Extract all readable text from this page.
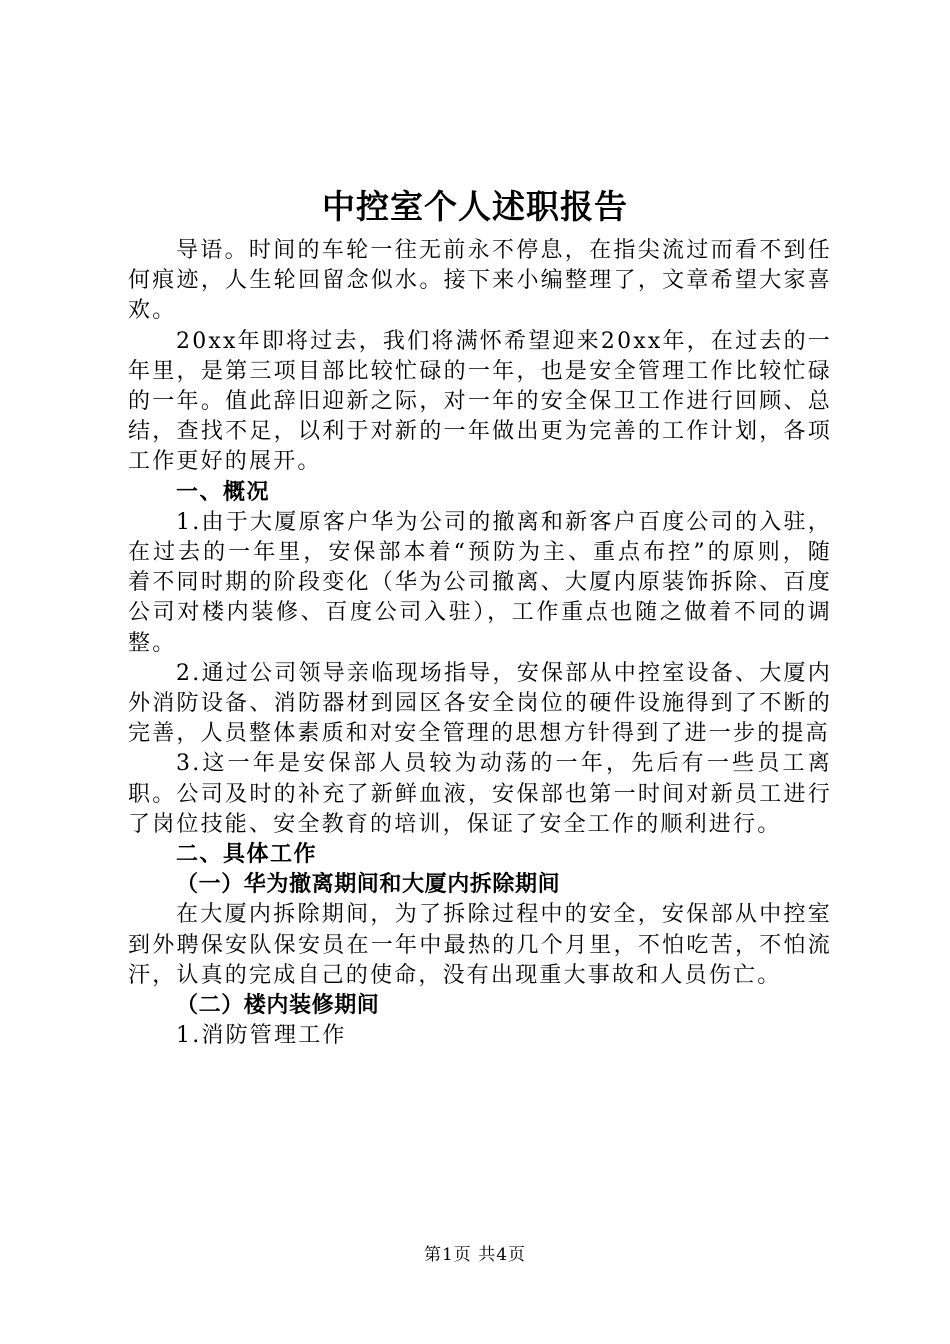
中控室个人述职报告

导语。时间的车轮一往无前永不停息，在指尖流过而看不到任何痕迹，人生轮回留念似水。接下来小编整理了，文章希望大家喜欢。

20xx年即将过去，我们将满怀希望迎来20xx年，在过去的一年里，是第三项目部比较忙碌的一年，也是安全管理工作比较忙碌的一年。值此辞旧迎新之际，对一年的安全保卫工作进行回顾、总结，查找不足，以利于对新的一年做出更为完善的工作计划，各项工作更好的展开。

一、概况

1.由于大厦原客户华为公司的撤离和新客户百度公司的入驻，在过去的一年里，安保部本着“预防为主、重点布控”的原则，随着不同时期的阶段变化（华为公司撤离、大厦内原装饰拆除、百度公司对楼内装修、百度公司入驻），工作重点也随之做着不同的调整。

2.通过公司领导亲临现场指导，安保部从中控室设备、大厦内外消防设备、消防器材到园区各安全岗位的硬件设施得到了不断的完善，人员整体素质和对安全管理的思想方针得到了进一步的提高

3.这一年是安保部人员较为动荡的一年，先后有一些员工离职。公司及时的补充了新鲜血液，安保部也第一时间对新员工进行了岗位技能、安全教育的培训，保证了安全工作的顺利进行。

二、具体工作

（一）华为撤离期间和大厦内拆除期间

在大厦内拆除期间，为了拆除过程中的安全，安保部从中控室到外聘保安队保安员在一年中最热的几个月里，不怕吃苦，不怕流汗，认真的完成自己的使命，没有出现重大事故和人员伤亡。

（二）楼内装修期间

1.消防管理工作

第1页 共4页
